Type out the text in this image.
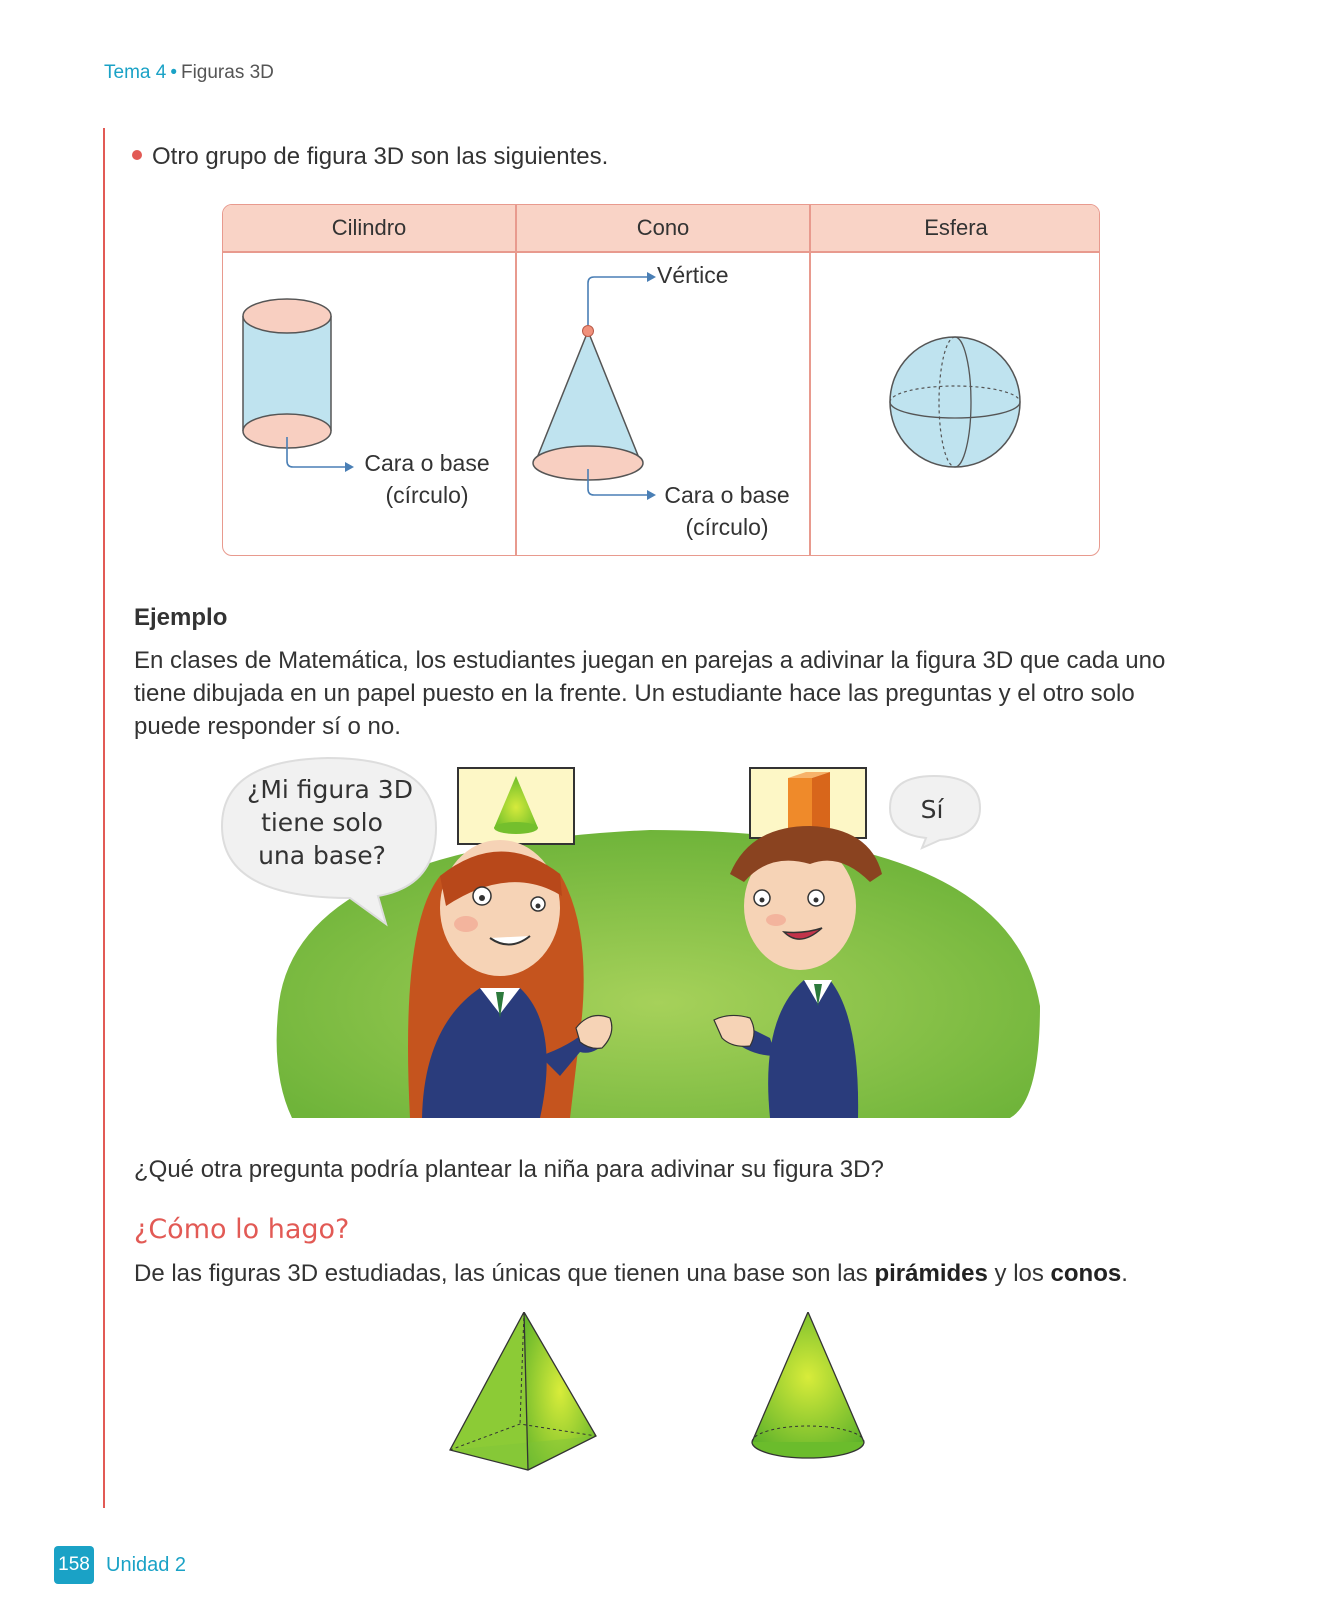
Tema 4 • Figuras 3D
Otro grupo de figura 3D son las siguientes.
Cilindro	Cono	Esfera
Cara o base
(círculo)
Vértice
Cara o base
(círculo)
Ejemplo
En clases de Matemática, los estudiantes juegan en parejas a adivinar la figura 3D que cada uno tiene dibujada en un papel puesto en la frente. Un estudiante hace las preguntas y el otro solo puede responder sí o no.
¿Mi figura 3D
tiene solo
una base?
Sí
¿Qué otra pregunta podría plantear la niña para adivinar su figura 3D?
¿Cómo lo hago?
De las figuras 3D estudiadas, las únicas que tienen una base son las pirámides y los conos.
158 Unidad 2
